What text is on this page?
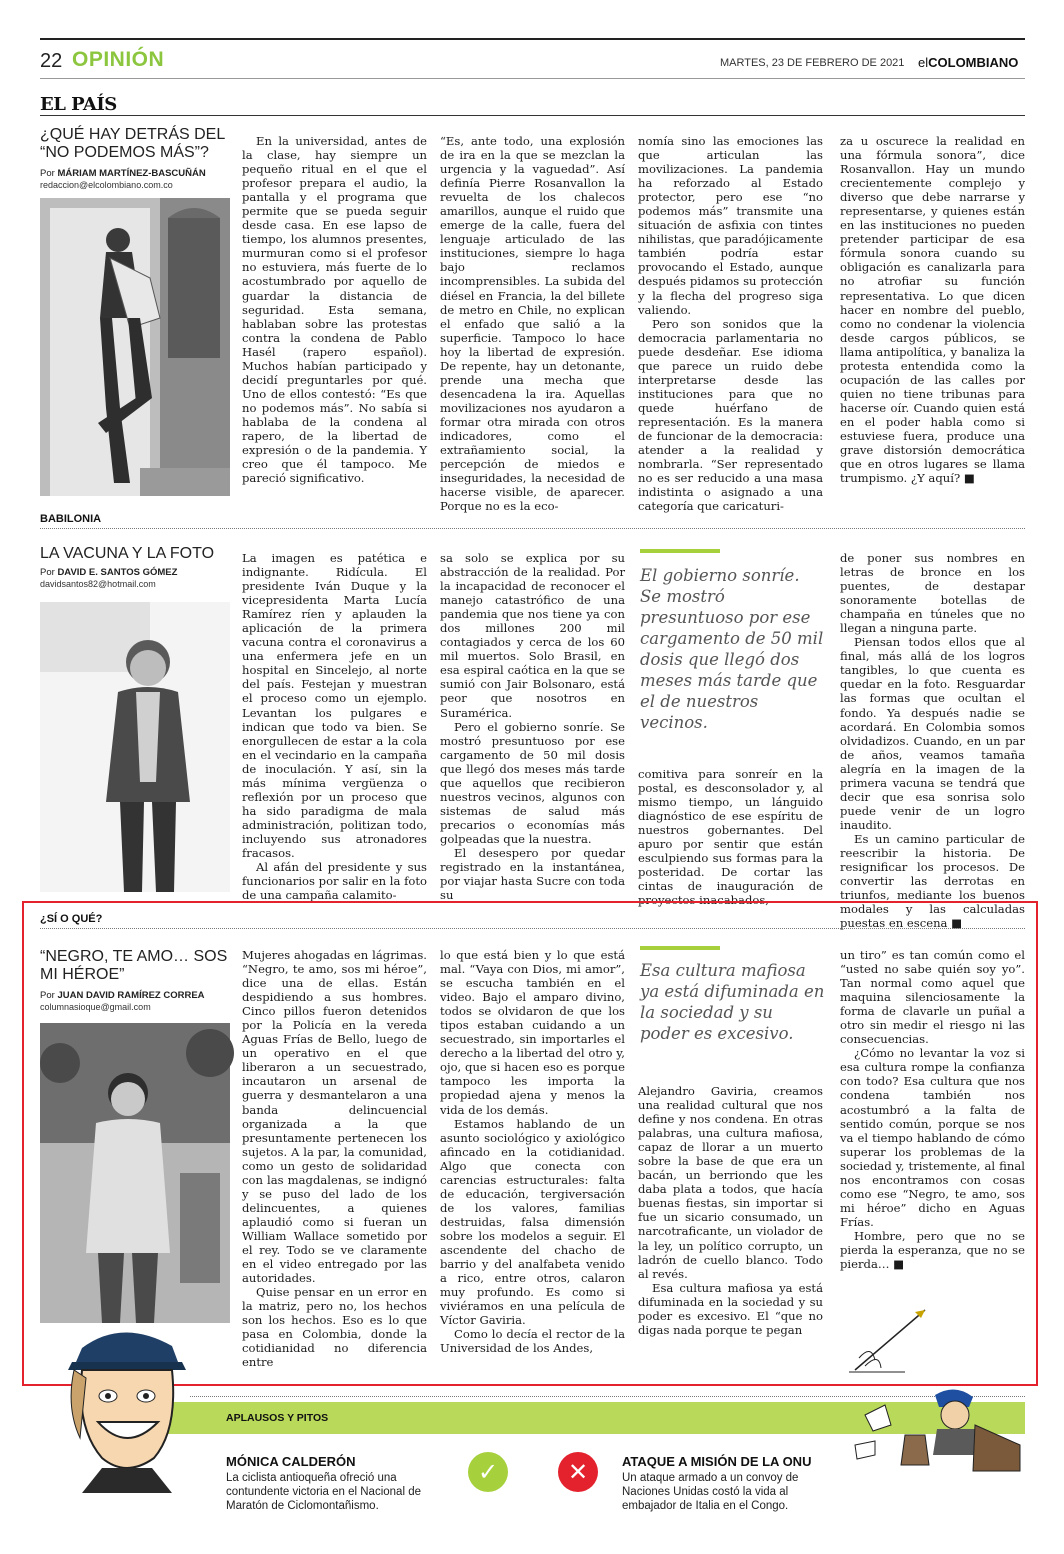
22 OPINIÓN	MARTES, 23 DE FEBRERO DE 2021 elCOLOMBIANO
EL PAÍS
¿QUÉ HAY DETRÁS DEL “NO PODEMOS MÁS”?
Por MÁRIAM MARTÍNEZ-BASCUÑÁN
redaccion@elcolombiano.com.co

En la universidad, antes de la clase, hay siempre un pequeño ritual en el que el profesor prepara el audio, la pantalla y el programa que permite que se pueda seguir desde casa. En ese lapso de tiempo, los alumnos presentes, murmuran como si el profesor no estuviera, más fuerte de lo acostumbrado por aquello de guardar la distancia de seguridad. Esta semana, hablaban sobre las protestas contra la condena de Pablo Hasél (rapero español). Muchos habían participado y decidí preguntarles por qué. Uno de ellos contestó: “Es que no podemos más”. No sabía si hablaba de la condena al rapero, de la libertad de expresión o de la pandemia. Y creo que él tampoco. Me pareció significativo.

“Es, ante todo, una explosión de ira en la que se mezclan la urgencia y la vaguedad”. Así definía Pierre Rosanvallon la revuelta de los chalecos amarillos, aunque el ruido que emerge de la calle, fuera del lenguaje articulado de las instituciones, siempre lo haga bajo reclamos incomprensibles. La subida del diésel en Francia, la del billete de metro en Chile, no explican el enfado que salió a la superficie. Tampoco lo hace hoy la libertad de expresión. De repente, hay un detonante, prende una mecha que desencadena la ira. Aquellas movilizaciones nos ayudaron a formar otra mirada con otros indicadores, como el extrañamiento social, la percepción de miedos e inseguridades, la necesidad de hacerse visible, de aparecer. Porque no es la eco-

nomía sino las emociones las que articulan las movilizaciones. La pandemia ha reforzado al Estado protector, pero ese “no podemos más” transmite una situación de asfixia con tintes nihilistas, que paradójicamente también podría estar provocando el Estado, aunque después pidamos su protección y la flecha del progreso siga valiendo.

Pero son sonidos que la democracia parlamentaria no puede desdeñar. Ese idioma que parece un ruido debe interpretarse desde las instituciones para que no quede huérfano de representación. Es la manera de funcionar de la democracia: atender a la realidad y nombrarla. “Ser representado no es ser reducido a una masa indistinta o asignado a una categoría que caricaturi-

za u oscurece la realidad en una fórmula sonora”, dice Rosanvallon. Hay un mundo crecientemente complejo y diverso que debe narrarse y representarse, y quienes están en las instituciones no pueden pretender participar de esa fórmula sonora cuando su obligación es canalizarla para no atrofiar su función representativa. Lo que dicen hacer en nombre del pueblo, como no condenar la violencia desde cargos públicos, se llama antipolítica, y banaliza la protesta entendida como la ocupación de las calles por quien no tiene tribunas para hacerse oír. Cuando quien está en el poder habla como si estuviese fuera, produce una grave distorsión democrática que en otros lugares se llama trumpismo. ¿Y aquí? ■

BABILONIA
LA VACUNA Y LA FOTO
Por DAVID E. SANTOS GÓMEZ
davidsantos82@hotmail.com

La imagen es patética e indignante. Ridícula. El presidente Iván Duque y la vicepresidenta Marta Lucía Ramírez ríen y aplauden la aplicación de la primera vacuna contra el coronavirus a una enfermera jefe en un hospital en Sincelejo, al norte del país. Festejan y muestran el proceso como un ejemplo. Levantan los pulgares e indican que todo va bien. Se enorgullecen de estar a la cola en el vecindario en la campaña de inoculación. Y así, sin la más mínima vergüenza o reflexión por un proceso que ha sido paradigma de mala administración, politizan todo, incluyendo sus atronadores fracasos.

Al afán del presidente y sus funcionarios por salir en la foto de una campaña calamito-

sa solo se explica por su abstracción de la realidad. Por la incapacidad de reconocer el manejo catastrófico de una pandemia que nos tiene ya con dos millones 200 mil contagiados y cerca de los 60 mil muertos. Solo Brasil, en esa espiral caótica en la que se sumió con Jair Bolsonaro, está peor que nosotros en Suramérica.

Pero el gobierno sonríe. Se mostró presuntuoso por ese cargamento de 50 mil dosis que llegó dos meses más tarde que aquellos que recibieron nuestros vecinos, algunos con sistemas de salud más precarios o economías más golpeadas que la nuestra.

El desespero por quedar registrado en la instantánea, por viajar hasta Sucre con toda su

El gobierno sonríe. Se mostró presuntuoso por ese cargamento de 50 mil dosis que llegó dos meses más tarde que el de nuestros vecinos.

comitiva para sonreír en la postal, es desconsolador y, al mismo tiempo, un lánguido diagnóstico de ese espíritu de nuestros gobernantes. Del apuro por sentir que están esculpiendo sus formas para la posteridad. De cortar las cintas de inauguración de proyectos inacabados,

de poner sus nombres en letras de bronce en los puentes, de destapar sonoramente botellas de champaña en túneles que no llegan a ninguna parte.

Piensan todos ellos que al final, más allá de los logros tangibles, lo que cuenta es quedar en la foto. Resguardar las formas que ocultan el fondo. Ya después nadie se acordará. En Colombia somos olvidadizos. Cuando, en un par de años, veamos tamaña alegría en la imagen de la primera vacuna se tendrá que decir que esa sonrisa solo puede venir de un logro inaudito.

Es un camino particular de reescribir la historia. De resignificar los procesos. De convertir las derrotas en triunfos, mediante los buenos modales y las calculadas puestas en escena ■

¿SÍ O QUÉ?
“NEGRO, TE AMO… SOS MI HÉROE”
Por JUAN DAVID RAMÍREZ CORREA
columnasioque@gmail.com

Mujeres ahogadas en lágrimas. “Negro, te amo, sos mi héroe”, dice una de ellas. Están despidiendo a sus hombres. Cinco pillos fueron detenidos por la Policía en la vereda Aguas Frías de Bello, luego de un operativo en el que liberaron a un secuestrado, incautaron un arsenal de guerra y desmantelaron a una banda delincuencial organizada a la que presuntamente pertenecen los sujetos. A la par, la comunidad, como un gesto de solidaridad con las magdalenas, se indignó y se puso del lado de los delincuentes, a quienes aplaudió como si fueran un William Wallace sometido por el rey. Todo se ve claramente en el video entregado por las autoridades.

Quise pensar en un error en la matriz, pero no, los hechos son los hechos. Eso es lo que pasa en Colombia, donde la cotidianidad no diferencia entre

lo que está bien y lo que está mal. “Vaya con Dios, mi amor”, se escucha también en el video. Bajo el amparo divino, todos se olvidaron de que los tipos estaban cuidando a un secuestrado, sin importarles el derecho a la libertad del otro y, ojo, que si hacen eso es porque tampoco les importa la propiedad ajena y menos la vida de los demás.

Estamos hablando de un asunto sociológico y axiológico afincado en la cotidianidad. Algo que conecta con carencias estructurales: falta de educación, tergiversación de los valores, familias destruidas, falsa dimensión sobre los modelos a seguir. El ascendente del chacho de barrio y del analfabeta venido a rico, entre otros, calaron muy profundo. Es como si viviéramos en una película de Víctor Gaviria.

Como lo decía el rector de la Universidad de los Andes,

Esa cultura mafiosa ya está difuminada en la sociedad y su poder es excesivo.

Alejandro Gaviria, creamos una realidad cultural que nos define y nos condena. En otras palabras, una cultura mafiosa, capaz de llorar a un muerto sobre la base de que era un bacán, un berriondo que les daba plata a todos, que hacía buenas fiestas, sin importar si fue un sicario consumado, un narcotraficante, un violador de la ley, un político corrupto, un ladrón de cuello blanco. Todo al revés.

Esa cultura mafiosa ya está difuminada en la sociedad y su poder es excesivo. El “que no digas nada porque te pegan

un tiro” es tan común como el “usted no sabe quién soy yo”. Tan normal como aquel que maquina silenciosamente la forma de clavarle un puñal a otro sin medir el riesgo ni las consecuencias.

¿Cómo no levantar la voz si esa cultura rompe la confianza con todo? Esa cultura que nos condena también nos acostumbró a la falta de sentido común, porque se nos va el tiempo hablando de cómo superar los problemas de la sociedad y, tristemente, al final nos encontramos con cosas como ese “Negro, te amo, sos mi héroe” dicho en Aguas Frías.

Hombre, pero que no se pierda la esperanza, que no se pierda… ■

APLAUSOS Y PITOS
MÓNICA CALDERÓN
La ciclista antioqueña ofreció una contundente victoria en el Nacional de Maratón de Ciclomontañismo.
✓	✕	ATAQUE A MISIÓN DE LA ONU
Un ataque armado a un convoy de Naciones Unidas costó la vida al embajador de Italia en el Congo.
